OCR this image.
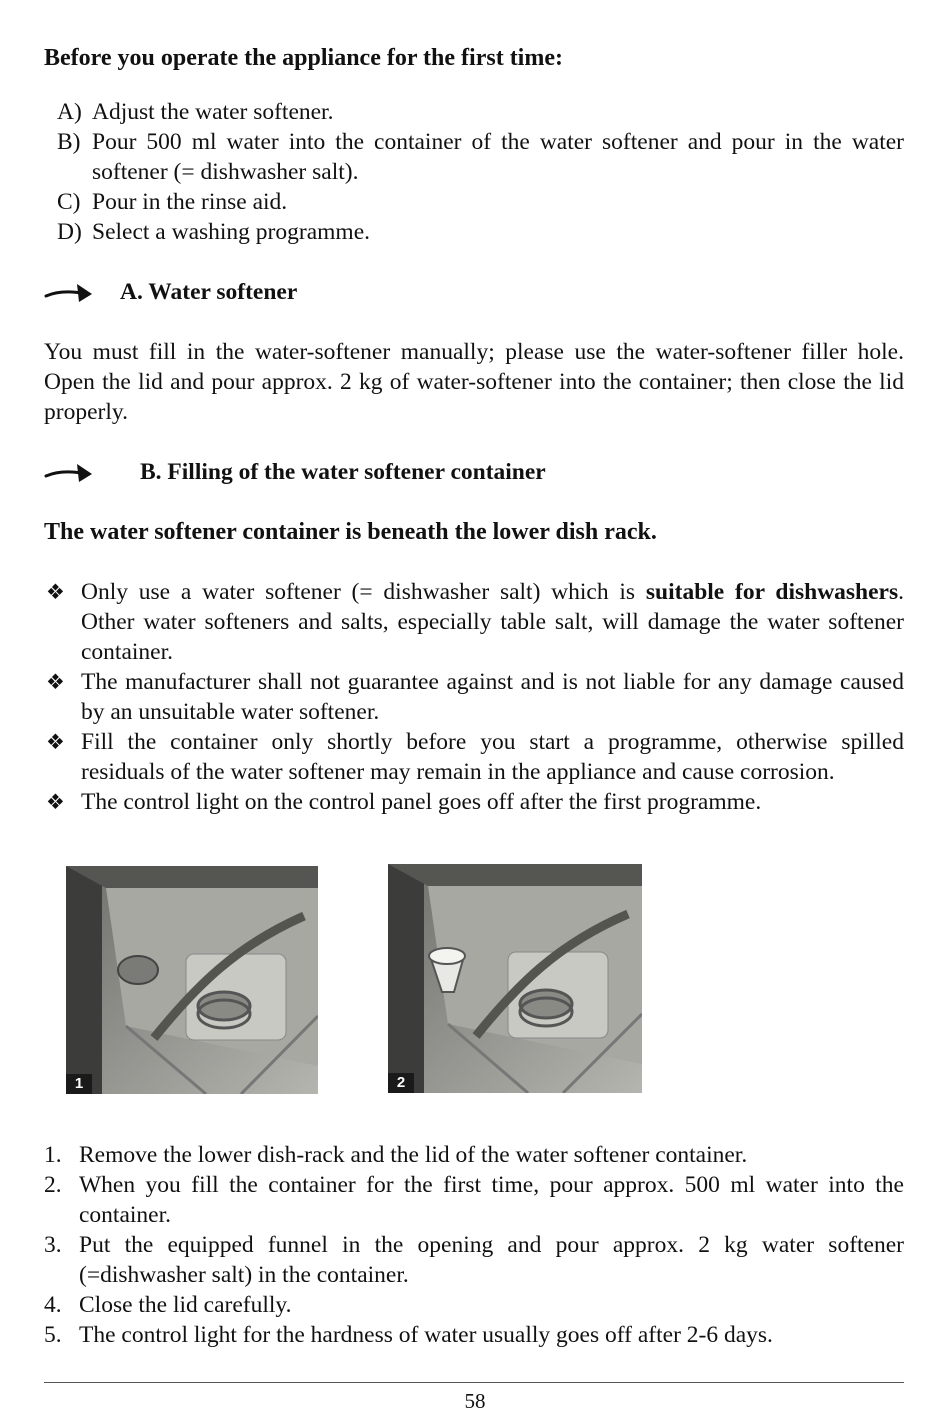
Before you operate the appliance for the first time:
A) Adjust the water softener.
B) Pour 500 ml water into the container of the water softener and pour in the water softener (= dishwasher salt).
C) Pour in the rinse aid.
D) Select a washing programme.
A. Water softener
You must fill in the water-softener manually; please use the water-softener filler hole. Open the lid and pour approx. 2 kg of water-softener into the container; then close the lid properly.
B. Filling of the water softener container
The water softener container is beneath the lower dish rack.
❖ Only use a water softener (= dishwasher salt) which is suitable for dishwashers. Other water softeners and salts, especially table salt, will damage the water softener container.
❖ The manufacturer shall not guarantee against and is not liable for any damage caused by an unsuitable water softener.
❖ Fill the container only shortly before you start a programme, otherwise spilled residuals of the water softener may remain in the appliance and cause corrosion.
❖ The control light on the control panel goes off after the first programme.
1	2
1. Remove the lower dish-rack and the lid of the water softener container.
2. When you fill the container for the first time, pour approx. 500 ml water into the container.
3. Put the equipped funnel in the opening and pour approx. 2 kg water softener (=dishwasher salt) in the container.
4. Close the lid carefully.
5. The control light for the hardness of water usually goes off after 2-6 days.
58
